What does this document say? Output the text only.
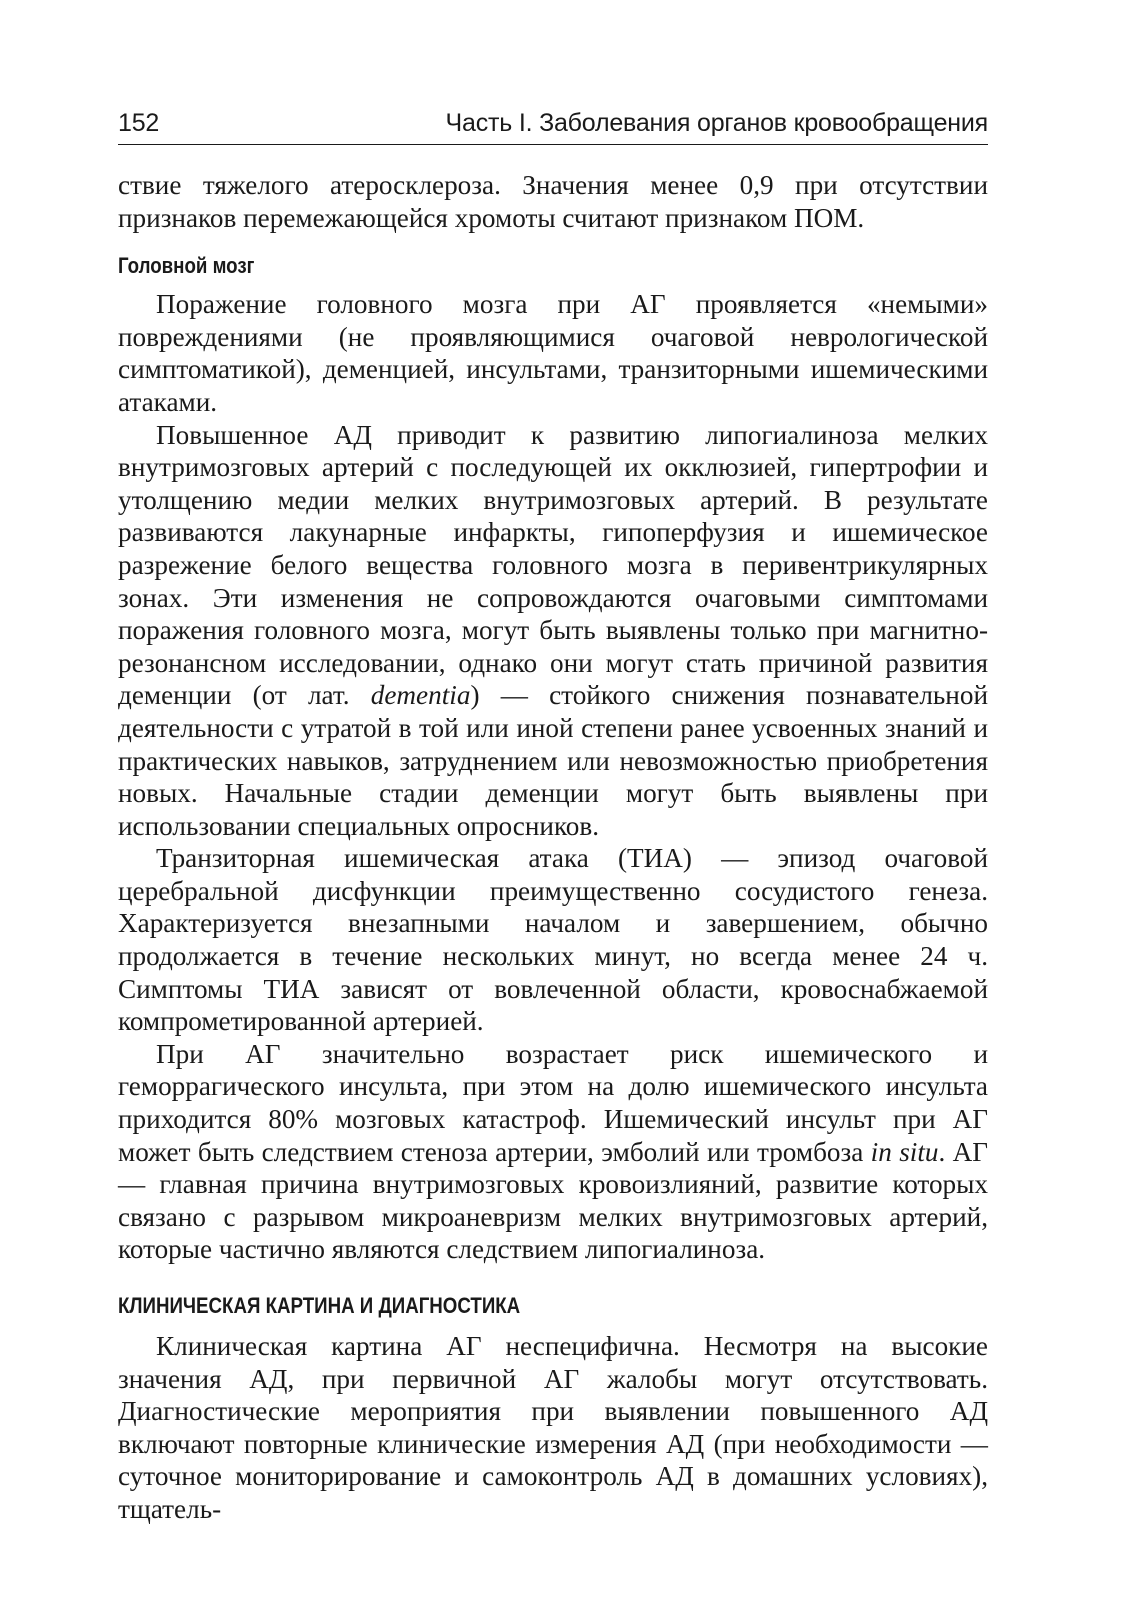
152	Часть I. Заболевания органов кровообращения

ствие тяжелого атеросклероза. Значения менее 0,9 при отсутствии признаков перемежающейся хромоты считают признаком ПОМ.

Головной мозг

Поражение головного мозга при АГ проявляется «немыми» повреждениями (не проявляющимися очаговой неврологической симптоматикой), деменцией, инсультами, транзиторными ишемическими атаками.

Повышенное АД приводит к развитию липогиалиноза мелких внутримозговых артерий с последующей их окклюзией, гипертрофии и утолщению медии мелких внутримозговых артерий. В результате развиваются лакунарные инфаркты, гипоперфузия и ишемическое разрежение белого вещества головного мозга в перивентрикулярных зонах. Эти изменения не сопровождаются очаговыми симптомами поражения головного мозга, могут быть выявлены только при магнитно-резонансном исследовании, однако они могут стать причиной развития деменции (от лат. dementia) — стойкого снижения познавательной деятельности с утратой в той или иной степени ранее усвоенных знаний и практических навыков, затруднением или невозможностью приобретения новых. Начальные стадии деменции могут быть выявлены при использовании специальных опросников.

Транзиторная ишемическая атака (ТИА) — эпизод очаговой церебральной дисфункции преимущественно сосудистого генеза. Характеризуется внезапными началом и завершением, обычно продолжается в течение нескольких минут, но всегда менее 24 ч. Симптомы ТИА зависят от вовлеченной области, кровоснабжаемой компрометированной артерией.

При АГ значительно возрастает риск ишемического и геморрагического инсульта, при этом на долю ишемического инсульта приходится 80% мозговых катастроф. Ишемический инсульт при АГ может быть следствием стеноза артерии, эмболий или тромбоза in situ. АГ — главная причина внутримозговых кровоизлияний, развитие которых связано с разрывом микроаневризм мелких внутримозговых артерий, которые частично являются следствием липогиалиноза.

КЛИНИЧЕСКАЯ КАРТИНА И ДИАГНОСТИКА

Клиническая картина АГ неспецифична. Несмотря на высокие значения АД, при первичной АГ жалобы могут отсутствовать. Диагностические мероприятия при выявлении повышенного АД включают повторные клинические измерения АД (при необходимости — суточное мониторирование и самоконтроль АД в домашних условиях), тщатель-
